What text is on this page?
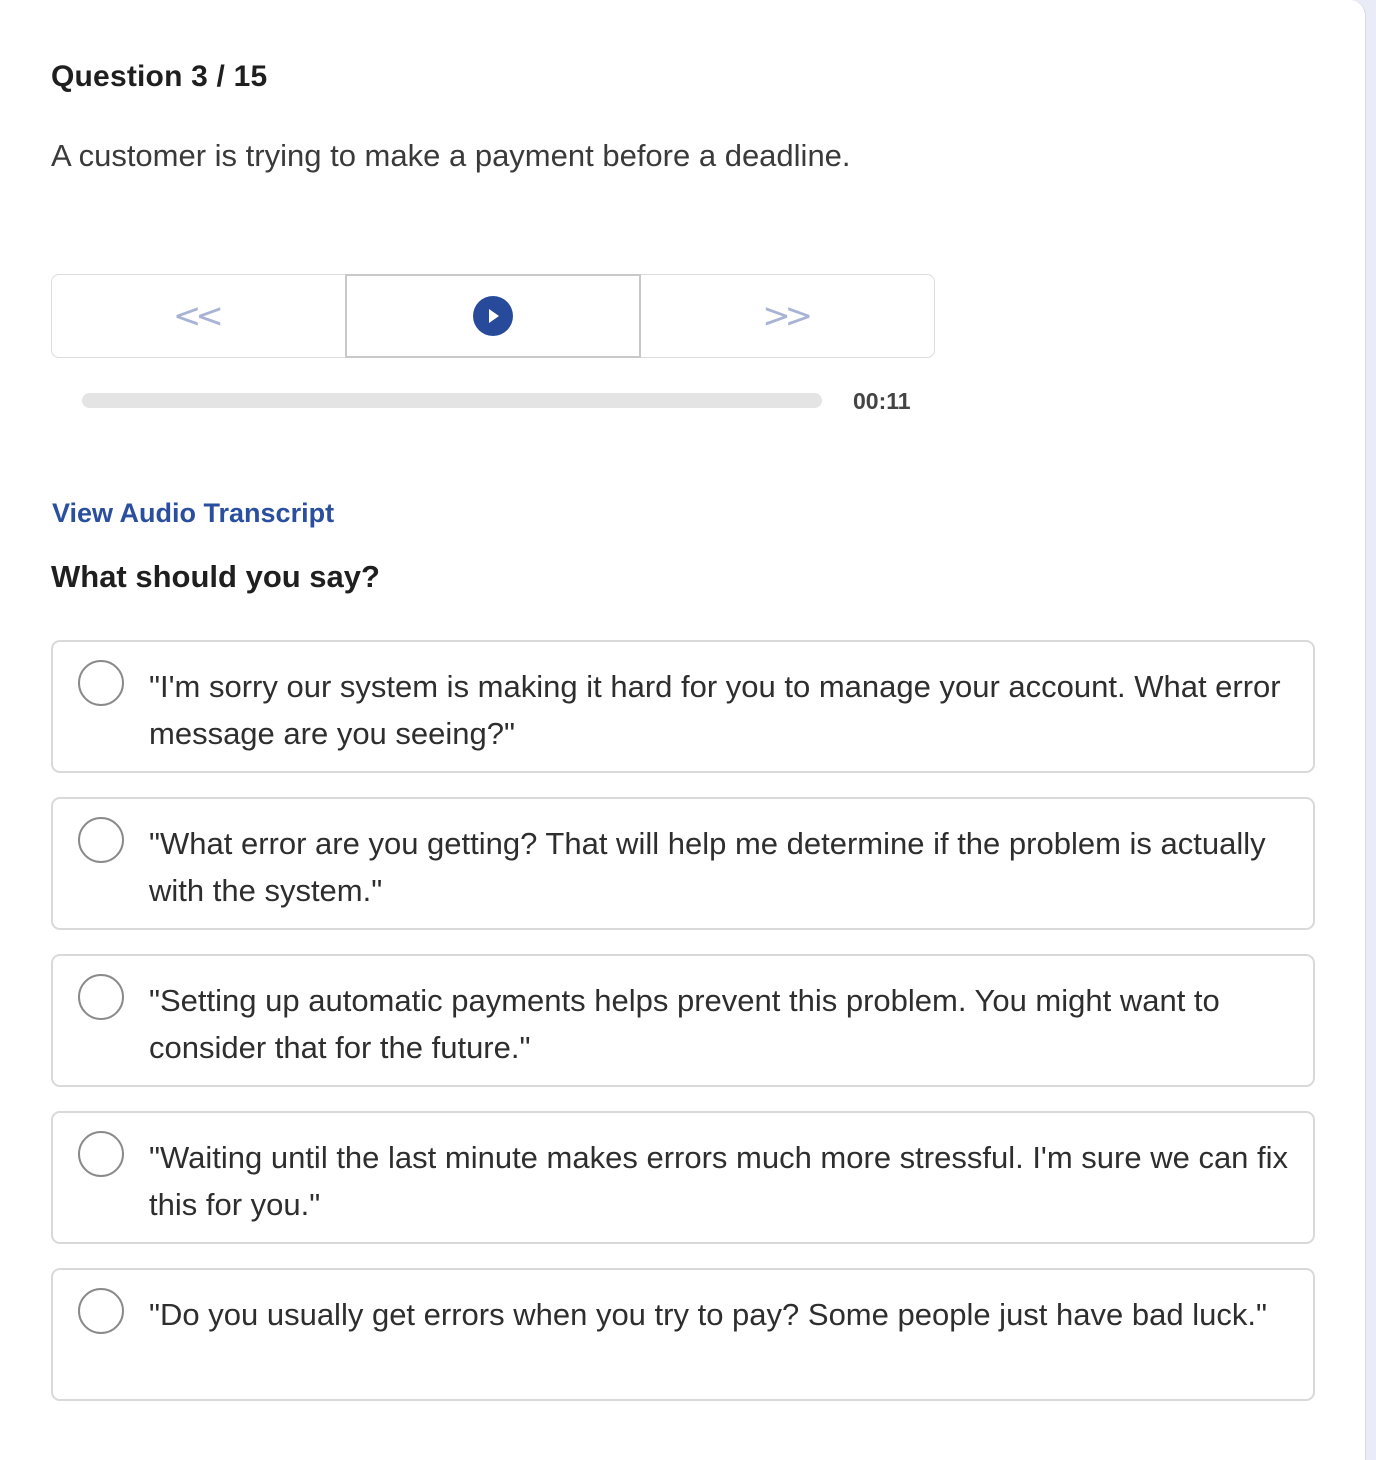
Question 3 / 15
A customer is trying to make a payment before a deadline.
<<	>>
00:11
View Audio Transcript
What should you say?
"I'm sorry our system is making it hard for you to manage your account. What error message are you seeing?"
"What error are you getting? That will help me determine if the problem is actually with the system."
"Setting up automatic payments helps prevent this problem. You might want to consider that for the future."
"Waiting until the last minute makes errors much more stressful. I'm sure we can fix this for you."
"Do you usually get errors when you try to pay? Some people just have bad luck."
